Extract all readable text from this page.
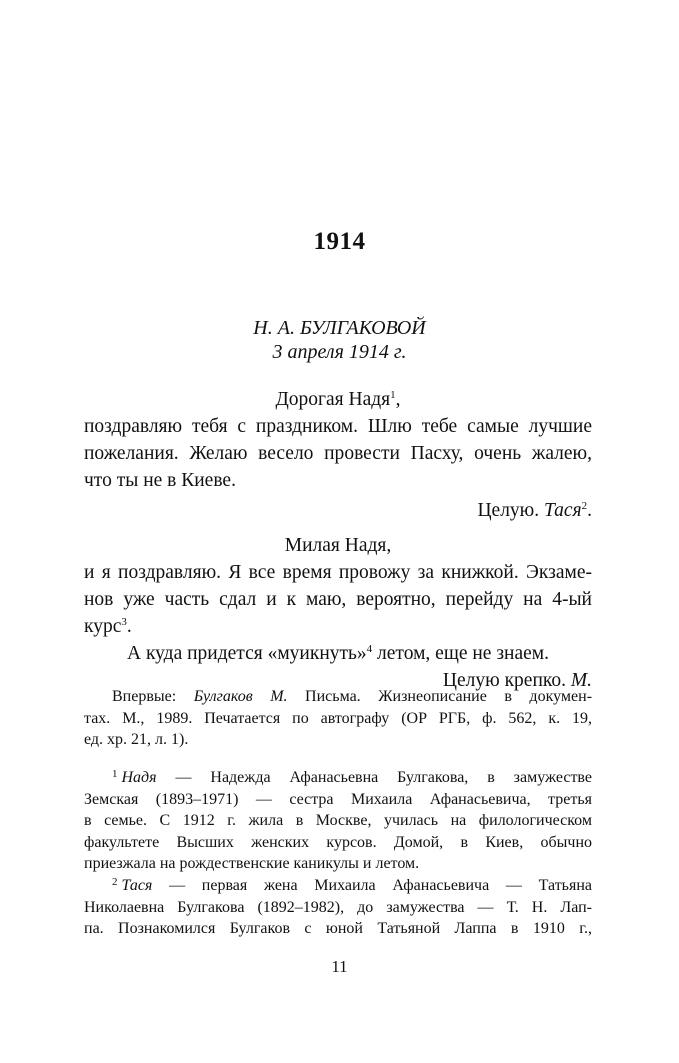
1914
Н. А. БУЛГАКОВОЙ
3 апреля 1914 г.

Дорогая Надя$^1$,

поздравляю тебя с праздником. Шлю тебе самые лучшие

пожелания. Желаю весело провести Пасху, очень жалею,

что ты не в Киеве.

Целую. Тася$^2$.

Милая Надя,

и я поздравляю. Я все время провожу за книжкой. Экзаме-

нов уже часть сдал и к маю, вероятно, перейду на 4-ый курс$^3$.

А куда придется «муикнуть»$^4$ летом, еще не знаем.

Целую крепко. М.

Впервые: Булгаков М. Письма. Жизнеописание в докумен-

тах. М., 1989. Печатается по автографу (ОР РГБ, ф. 562, к. 19,

ед. хр. 21, л. 1).

$^1$ Надя — Надежда Афанасьевна Булгакова, в замужестве

Земская (1893–1971) — сестра Михаила Афанасьевича, третья

в семье. С 1912 г. жила в Москве, училась на филологическом

факультете Высших женских курсов. Домой, в Киев, обычно

приезжала на рождественские каникулы и летом.

$^2$ Тася — первая жена Михаила Афанасьевича — Татьяна

Николаевна Булгакова (1892–1982), до замужества — Т. Н. Лап-

па. Познакомился Булгаков с юной Татьяной Лаппа в 1910 г.,

11
